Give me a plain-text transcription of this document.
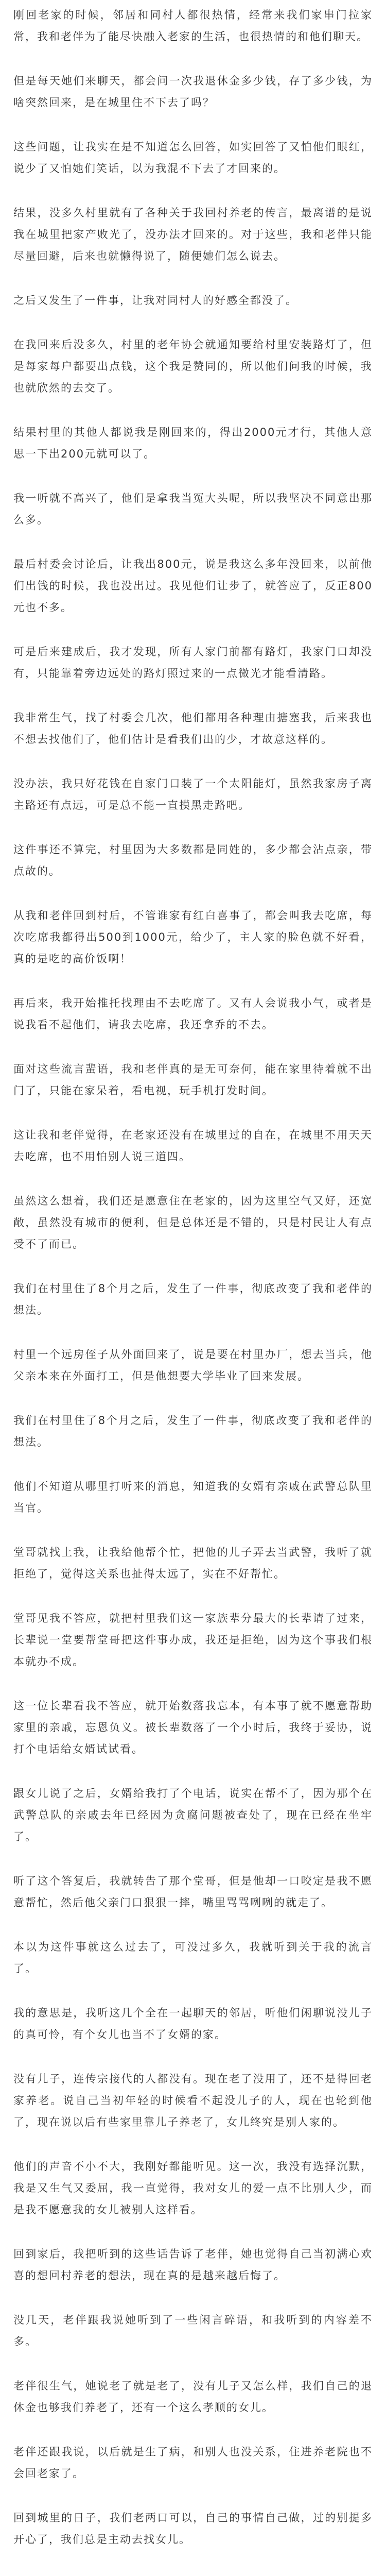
刚回老家的时候，邻居和同村人都很热情，经常来我们家串门拉家常，我和老伴为了能尽快融入老家的生活，也很热情的和他们聊天。

但是每天她们来聊天，都会问一次我退休金多少钱，存了多少钱，为啥突然回来，是在城里住不下去了吗？

这些问题，让我实在是不知道怎么回答，如实回答了又怕他们眼红，说少了又怕她们笑话，以为我混不下去了才回来的。

结果，没多久村里就有了各种关于我回村养老的传言，最离谱的是说我在城里把家产败光了，没办法才回来的。对于这些，我和老伴只能尽量回避，后来也就懒得说了，随便她们怎么说去。

之后又发生了一件事，让我对同村人的好感全都没了。

在我回来后没多久，村里的老年协会就通知要给村里安装路灯了，但是每家每户都要出点钱，这个我是赞同的，所以他们问我的时候，我也就欣然的去交了。

结果村里的其他人都说我是刚回来的，得出2000元才行，其他人意思一下出200元就可以了。

我一听就不高兴了，他们是拿我当冤大头呢，所以我坚决不同意出那么多。

最后村委会讨论后，让我出800元，说是我这么多年没回来，以前他们出钱的时候，我也没出过。我见他们让步了，就答应了，反正800元也不多。

可是后来建成后，我才发现，所有人家门前都有路灯，我家门口却没有，只能靠着旁边远处的路灯照过来的一点微光才能看清路。

我非常生气，找了村委会几次，他们都用各种理由搪塞我，后来我也不想去找他们了，他们估计是看我们出的少，才故意这样的。

没办法，我只好花钱在自家门口装了一个太阳能灯，虽然我家房子离主路还有点远，可是总不能一直摸黑走路吧。

这件事还不算完，村里因为大多数都是同姓的，多少都会沾点亲，带点故的。

从我和老伴回到村后，不管谁家有红白喜事了，都会叫我去吃席，每次吃席我都得出500到1000元，给少了，主人家的脸色就不好看，真的是吃的高价饭啊！

再后来，我开始推托找理由不去吃席了。又有人会说我小气，或者是说我看不起他们，请我去吃席，我还拿乔的不去。

面对这些流言蜚语，我和老伴真的是无可奈何，能在家里待着就不出门了，只能在家呆着，看电视，玩手机打发时间。

这让我和老伴觉得，在老家还没有在城里过的自在，在城里不用天天去吃席，也不用怕别人说三道四。

虽然这么想着，我们还是愿意住在老家的，因为这里空气又好，还宽敞，虽然没有城市的便利，但是总体还是不错的，只是村民让人有点受不了而已。

我们在村里住了8个月之后，发生了一件事，彻底改变了我和老伴的想法。

村里一个远房侄子从外面回来了，说是要在村里办厂，想去当兵，他父亲本来在外面打工，但是他想要大学毕业了回来发展。

我们在村里住了8个月之后，发生了一件事，彻底改变了我和老伴的想法。

他们不知道从哪里打听来的消息，知道我的女婿有亲戚在武警总队里当官。

堂哥就找上我，让我给他帮个忙，把他的儿子弄去当武警，我听了就拒绝了，觉得这关系也扯得太远了，实在不好帮忙。

堂哥见我不答应，就把村里我们这一家族辈分最大的长辈请了过来，长辈说一堂要帮堂哥把这件事办成，我还是拒绝，因为这个事我们根本就办不成。

这一位长辈看我不答应，就开始数落我忘本，有本事了就不愿意帮助家里的亲戚，忘恩负义。被长辈数落了一个小时后，我终于妥协，说打个电话给女婿试试看。

跟女儿说了之后，女婿给我打了个电话，说实在帮不了，因为那个在武警总队的亲戚去年已经因为贪腐问题被查处了，现在已经在坐牢了。

听了这个答复后，我就转告了那个堂哥，但是他却一口咬定是我不愿意帮忙，然后他父亲门口狠狠一摔，嘴里骂骂咧咧的就走了。

本以为这件事就这么过去了，可没过多久，我就听到关于我的流言了。

我的意思是，我听这几个全在一起聊天的邻居，听他们闲聊说没儿子的真可怜，有个女儿也当不了女婿的家。

没有儿子，连传宗接代的人都没有。现在老了没用了，还不是得回老家养老。说自己当初年轻的时候看不起没儿子的人，现在也轮到他了，现在说以后有些家里靠儿子养老了，女儿终究是别人家的。

他们的声音不小不大，我刚好都能听见。这一次，我没有选择沉默，我是又生气又委屈，我一直觉得，我对女儿的爱一点不比别人少，而是我不愿意我的女儿被别人这样看。

回到家后，我把听到的这些话告诉了老伴，她也觉得自己当初满心欢喜的想回村养老的想法，现在真的是越来越后悔了。

没几天，老伴跟我说她听到了一些闲言碎语，和我听到的内容差不多。

老伴很生气，她说老了就是老了，没有儿子又怎么样，我们自己的退休金也够我们养老了，还有一个这么孝顺的女儿。

老伴还跟我说，以后就是生了病，和别人也没关系，住进养老院也不会回老家了。

回到城里的日子，我们老两口可以，自己的事情自己做，过的别提多开心了，我们总是主动去找女儿。
